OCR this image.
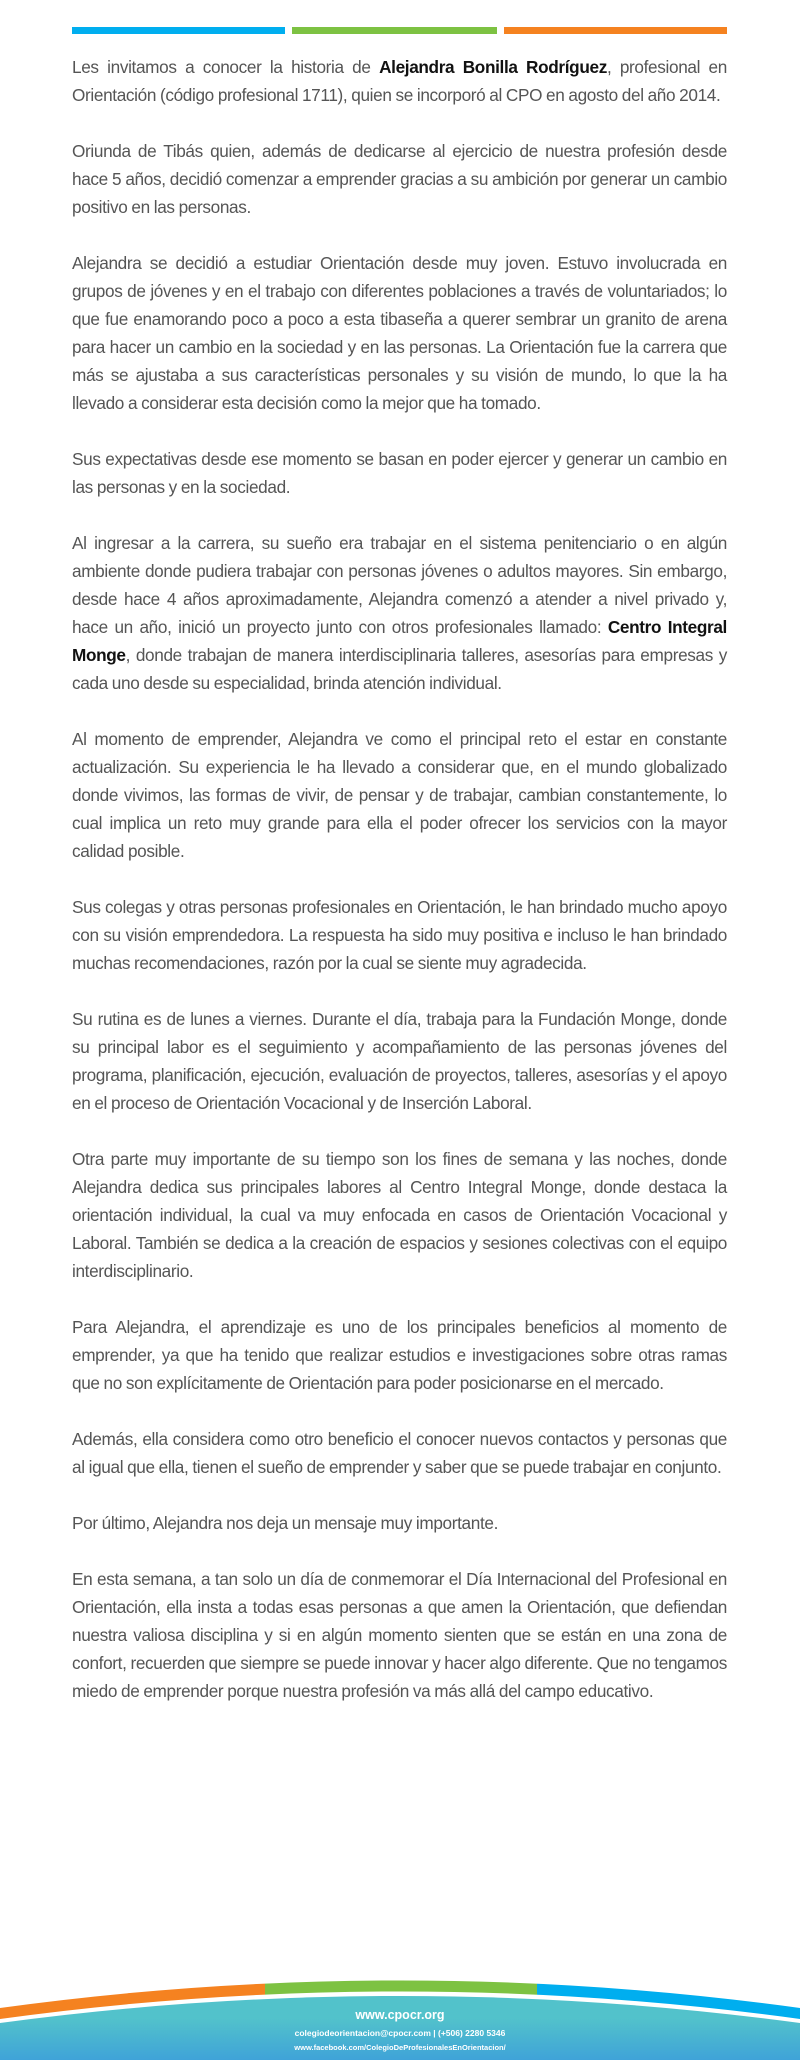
Les invitamos a conocer la historia de Alejandra Bonilla Rodríguez, profesional en Orientación (código profesional 1711), quien se incorporó al CPO en agosto del año 2014.

Oriunda de Tibás quien, además de dedicarse al ejercicio de nuestra profesión desde hace 5 años, decidió comenzar a emprender gracias a su ambición por generar un cambio positivo en las personas.

Alejandra se decidió a estudiar Orientación desde muy joven. Estuvo involucrada en grupos de jóvenes y en el trabajo con diferentes poblaciones a través de voluntariados; lo que fue enamorando poco a poco a esta tibaseña a querer sembrar un granito de arena para hacer un cambio en la sociedad y en las personas. La Orientación fue la carrera que más se ajustaba a sus características personales y su visión de mundo, lo que la ha llevado a considerar esta decisión como la mejor que ha tomado.

Sus expectativas desde ese momento se basan en poder ejercer y generar un cambio en las personas y en la sociedad.

Al ingresar a la carrera, su sueño era trabajar en el sistema penitenciario o en algún ambiente donde pudiera trabajar con personas jóvenes o adultos mayores. Sin embargo, desde hace 4 años aproximadamente, Alejandra comenzó a atender a nivel privado y, hace un año, inició un proyecto junto con otros profesionales llamado: Centro Integral Monge, donde trabajan de manera interdisciplinaria talleres, asesorías para empresas y cada uno desde su especialidad, brinda atención individual.

Al momento de emprender, Alejandra ve como el principal reto el estar en constante actualización. Su experiencia le ha llevado a considerar que, en el mundo globalizado donde vivimos, las formas de vivir, de pensar y de trabajar, cambian constantemente, lo cual implica un reto muy grande para ella el poder ofrecer los servicios con la mayor calidad posible.

Sus colegas y otras personas profesionales en Orientación, le han brindado mucho apoyo con su visión emprendedora. La respuesta ha sido muy positiva e incluso le han brindado muchas recomendaciones, razón por la cual se siente muy agradecida.

Su rutina es de lunes a viernes. Durante el día, trabaja para la Fundación Monge, donde su principal labor es el seguimiento y acompañamiento de las personas jóvenes del programa, planificación, ejecución, evaluación de proyectos, talleres, asesorías y el apoyo en el proceso de Orientación Vocacional y de Inserción Laboral.

Otra parte muy importante de su tiempo son los fines de semana y las noches, donde Alejandra dedica sus principales labores al Centro Integral Monge, donde destaca la orientación individual, la cual va muy enfocada en casos de Orientación Vocacional y Laboral. También se dedica a la creación de espacios y sesiones colectivas con el equipo interdisciplinario.

Para Alejandra, el aprendizaje es uno de los principales beneficios al momento de emprender, ya que ha tenido que realizar estudios e investigaciones sobre otras ramas que no son explícitamente de Orientación para poder posicionarse en el mercado.

Además, ella considera como otro beneficio el conocer nuevos contactos y personas que al igual que ella, tienen el sueño de emprender y saber que se puede trabajar en conjunto.

Por último, Alejandra nos deja un mensaje muy importante.

En esta semana, a tan solo un día de conmemorar el Día Internacional del Profesional en Orientación, ella insta a todas esas personas a que amen la Orientación, que defiendan nuestra valiosa disciplina y si en algún momento sienten que se están en una zona de confort, recuerden que siempre se puede innovar y hacer algo diferente. Que no tengamos miedo de emprender porque nuestra profesión va más allá del campo educativo.

www.cpocr.org
colegiodeorientacion@cpocr.com | (+506) 2280 5346
www.facebook.com/ColegioDeProfesionalesEnOrientacion/
